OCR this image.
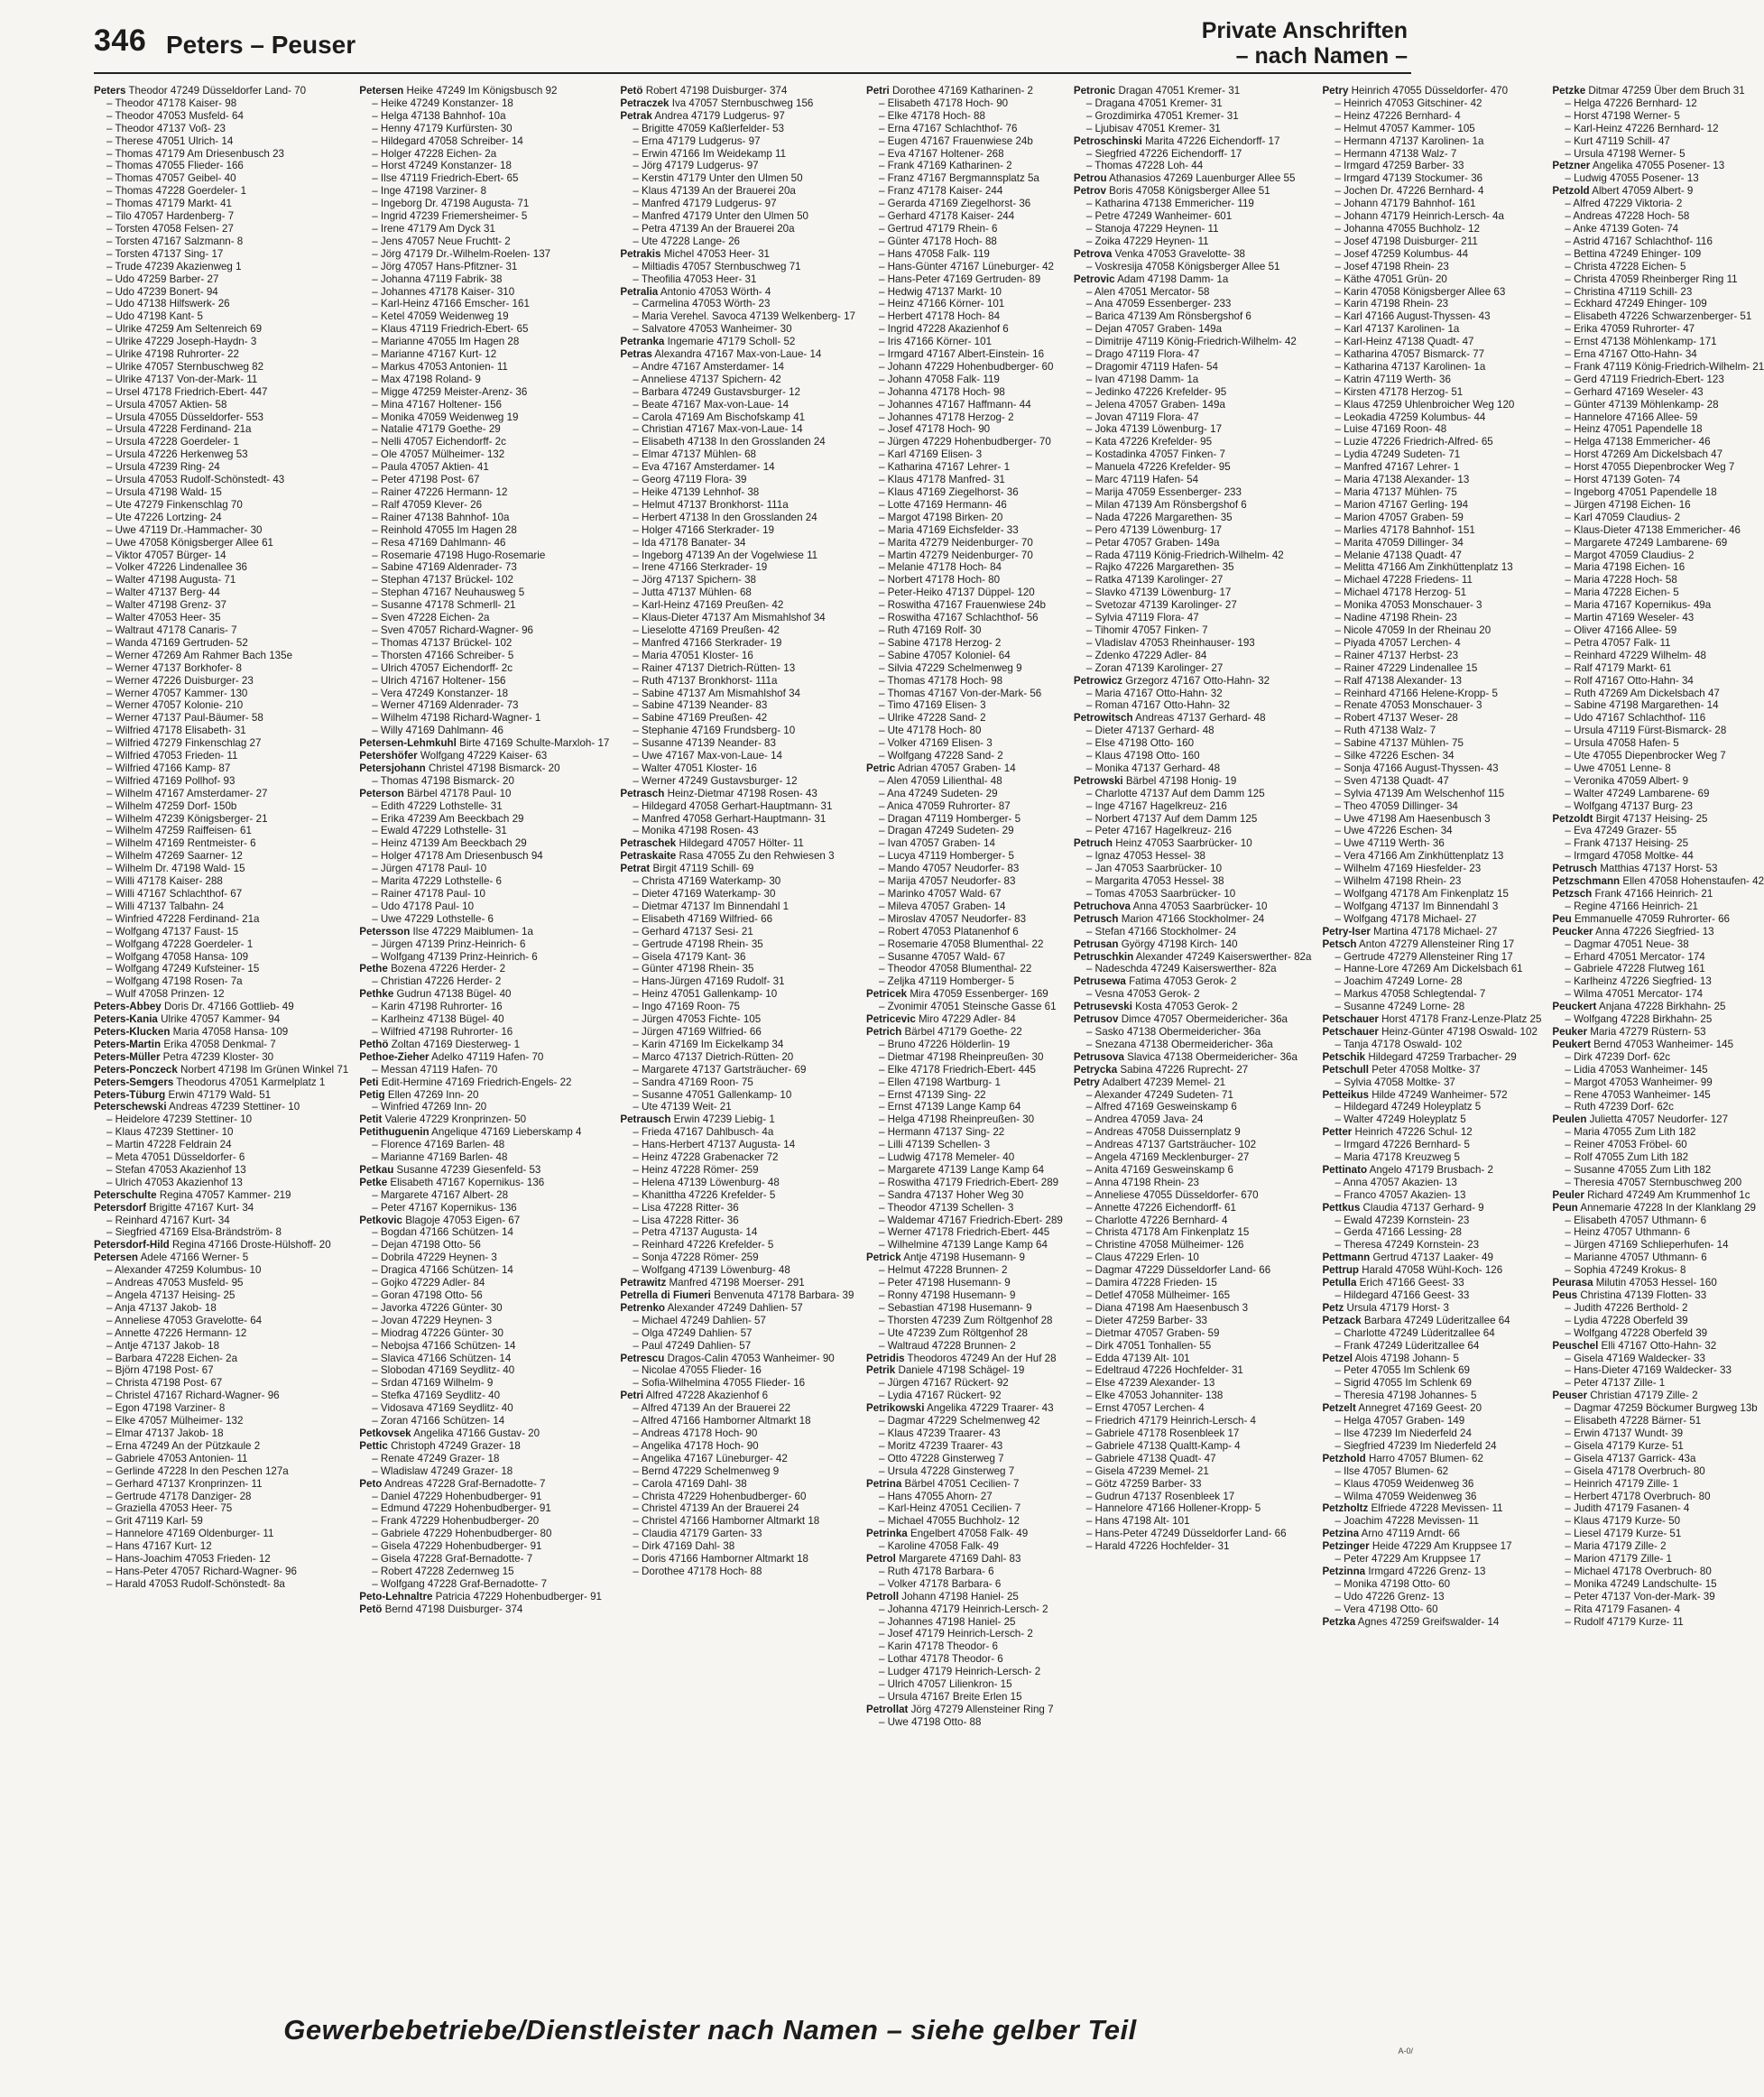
346 Peters – Peuser	Private Anschriften
– nach Namen –

Peters Theodor 47249 Düsseldorfer Land- 70

– Theodor 47178 Kaiser- 98

– Theodor 47053 Musfeld- 64

– Theodor 47137 Voß- 23

– Therese 47051 Ulrich- 14

– Thomas 47179 Am Driesenbusch 23

– Thomas 47055 Flieder- 166

– Thomas 47057 Geibel- 40

– Thomas 47228 Goerdeler- 1

– Thomas 47179 Markt- 41

– Tilo 47057 Hardenberg- 7

– Torsten 47058 Felsen- 27

– Torsten 47167 Salzmann- 8

– Torsten 47137 Sing- 17

– Trude 47239 Akazienweg 1

– Udo 47259 Barber- 27

– Udo 47239 Bonert- 94

– Udo 47138 Hilfswerk- 26

– Udo 47198 Kant- 5

– Ulrike 47259 Am Seltenreich 69

– Ulrike 47229 Joseph-Haydn- 3

– Ulrike 47198 Ruhrorter- 22

– Ulrike 47057 Sternbuschweg 82

– Ulrike 47137 Von-der-Mark- 11

– Ursel 47178 Friedrich-Ebert- 447

– Ursula 47057 Aktien- 58

– Ursula 47055 Düsseldorfer- 553

– Ursula 47228 Ferdinand- 21a

– Ursula 47228 Goerdeler- 1

– Ursula 47226 Herkenweg 53

– Ursula 47239 Ring- 24

– Ursula 47053 Rudolf-Schönstedt- 43

– Ursula 47198 Wald- 15

– Ute 47279 Finkenschlag 70

– Ute 47226 Lortzing- 24

– Uwe 47119 Dr.-Hammacher- 30

– Uwe 47058 Königsberger Allee 61

– Viktor 47057 Bürger- 14

– Volker 47226 Lindenallee 36

– Walter 47198 Augusta- 71

– Walter 47137 Berg- 44

– Walter 47198 Grenz- 37

– Walter 47053 Heer- 35

– Waltraut 47178 Canaris- 7

– Wanda 47169 Gertruden- 52

– Werner 47269 Am Rahmer Bach 135e

– Werner 47137 Borkhofer- 8

– Werner 47226 Duisburger- 23

– Werner 47057 Kammer- 130

– Werner 47057 Kolonie- 210

– Werner 47137 Paul-Bäumer- 58

– Wilfried 47178 Elisabeth- 31

– Wilfried 47279 Finkenschlag 27

– Wilfried 47053 Frieden- 11

– Wilfried 47166 Kamp- 87

– Wilfried 47169 Pollhof- 93

– Wilhelm 47167 Amsterdamer- 27

– Wilhelm 47259 Dorf- 150b

– Wilhelm 47239 Königsberger- 21

– Wilhelm 47259 Raiffeisen- 61

– Wilhelm 47169 Rentmeister- 6

– Wilhelm 47269 Saarner- 12

– Wilhelm Dr. 47198 Wald- 15

– Willi 47178 Kaiser- 288

– Willi 47167 Schlachthof- 67

– Willi 47137 Talbahn- 24

– Winfried 47228 Ferdinand- 21a

– Wolfgang 47137 Faust- 15

– Wolfgang 47228 Goerdeler- 1

– Wolfgang 47058 Hansa- 109

– Wolfgang 47249 Kufsteiner- 15

– Wolfgang 47198 Rosen- 7a

– Wulf 47058 Prinzen- 12

Peters-Abbey Doris Dr. 47166 Gottlieb- 49

Peters-Kania Ulrike 47057 Kammer- 94

Peters-Klucken Maria 47058 Hansa- 109

Peters-Martin Erika 47058 Denkmal- 7

Peters-Müller Petra 47239 Kloster- 30

Peters-Ponczeck Norbert 47198 Im Grünen Winkel 71

Peters-Semgers Theodorus 47051 Karmelplatz 1

Peters-Tüburg Erwin 47179 Wald- 51

Peterschewski Andreas 47239 Stettiner- 10

– Heidelore 47239 Stettiner- 10

– Klaus 47239 Stettiner- 10

– Martin 47228 Feldrain 24

– Meta 47051 Düsseldorfer- 6

– Stefan 47053 Akazienhof 13

– Ulrich 47053 Akazienhof 13

Peterschulte Regina 47057 Kammer- 219

Petersdorf Brigitte 47167 Kurt- 34

– Reinhard 47167 Kurt- 34

– Siegfried 47169 Elsa-Brändström- 8

Petersdorf-Hild Regina 47166 Droste-Hülshoff- 20

Petersen Adele 47166 Werner- 5

– Alexander 47259 Kolumbus- 10

– Andreas 47053 Musfeld- 95

– Angela 47137 Heising- 25

– Anja 47137 Jakob- 18

– Anneliese 47053 Gravelotte- 64

– Annette 47226 Hermann- 12

– Antje 47137 Jakob- 18

– Barbara 47228 Eichen- 2a

– Björn 47198 Post- 67

– Christa 47198 Post- 67

– Christel 47167 Richard-Wagner- 96

– Egon 47198 Varziner- 8

– Elke 47057 Mülheimer- 132

– Elmar 47137 Jakob- 18

– Erna 47249 An der Pützkaule 2

– Gabriele 47053 Antonien- 11

– Gerlinde 47228 In den Peschen 127a

– Gerhard 47137 Kronprinzen- 11

– Gertrude 47178 Danziger- 28

– Graziella 47053 Heer- 75

– Grit 47119 Karl- 59

– Hannelore 47169 Oldenburger- 11

– Hans 47167 Kurt- 12

– Hans-Joachim 47053 Frieden- 12

– Hans-Peter 47057 Richard-Wagner- 96

– Harald 47053 Rudolf-Schönstedt- 8a

Petersen Heike 47249 Im Königsbusch 92

– Heike 47249 Konstanzer- 18

– Helga 47138 Bahnhof- 10a

– Henny 47179 Kurfürsten- 30

– Hildegard 47058 Schreiber- 14

– Holger 47228 Eichen- 2a

– Horst 47249 Konstanzer- 18

– Ilse 47119 Friedrich-Ebert- 65

– Inge 47198 Varziner- 8

– Ingeborg Dr. 47198 Augusta- 71

– Ingrid 47239 Friemersheimer- 5

– Irene 47179 Am Dyck 31

– Jens 47057 Neue Fruchtt- 2

– Jörg 47179 Dr.-Wilhelm-Roelen- 137

– Jörg 47057 Hans-Pfitzner- 31

– Johanna 47119 Fabrik- 38

– Johannes 47178 Kaiser- 310

– Karl-Heinz 47166 Emscher- 161

– Ketel 47059 Weidenweg 19

– Klaus 47119 Friedrich-Ebert- 65

– Marianne 47055 Im Hagen 28

– Marianne 47167 Kurt- 12

– Markus 47053 Antonien- 11

– Max 47198 Roland- 9

– Migge 47259 Meister-Arenz- 36

– Mina 47167 Holtener- 156

– Monika 47059 Weidenweg 19

– Natalie 47179 Goethe- 29

– Nelli 47057 Eichendorff- 2c

– Ole 47057 Mülheimer- 132

– Paula 47057 Aktien- 41

– Peter 47198 Post- 67

– Rainer 47226 Hermann- 12

– Ralf 47059 Klever- 26

– Rainer 47138 Bahnhof- 10a

– Reinhold 47055 Im Hagen 28

– Resa 47169 Dahlmann- 46

– Rosemarie 47198 Hugo-Rosemarie

– Sabine 47169 Aldenrader- 73

– Stephan 47137 Brückel- 102

– Stephan 47167 Neuhausweg 5

– Susanne 47178 Schmerll- 21

– Sven 47228 Eichen- 2a

– Sven 47057 Richard-Wagner- 96

– Thomas 47137 Brückel- 102

– Thorsten 47166 Schreiber- 5

– Ulrich 47057 Eichendorff- 2c

– Ulrich 47167 Holtener- 156

– Vera 47249 Konstanzer- 18

– Werner 47169 Aldenrader- 73

– Wilhelm 47198 Richard-Wagner- 1

– Willy 47169 Dahlmann- 46

Petersen-Lehmkuhl Birte 47169 Schulte-Marxloh- 17

Petershöfer Wolfgang 47229 Kaiser- 63

Petersjohann Christel 47198 Bismarck- 20

– Thomas 47198 Bismarck- 20

Peterson Bärbel 47178 Paul- 10

– Edith 47229 Lothstelle- 31

– Erika 47239 Am Beeckbach 29

– Ewald 47229 Lothstelle- 31

– Heinz 47139 Am Beeckbach 29

– Holger 47178 Am Driesenbusch 94

– Jürgen 47178 Paul- 10

– Marita 47229 Lothstelle- 6

– Rainer 47178 Paul- 10

– Udo 47178 Paul- 10

– Uwe 47229 Lothstelle- 6

Petersson Ilse 47229 Maiblumen- 1a

– Jürgen 47139 Prinz-Heinrich- 6

– Wolfgang 47139 Prinz-Heinrich- 6

Pethe Bozena 47226 Herder- 2

– Christian 47226 Herder- 2

Pethke Gudrun 47138 Bügel- 40

– Karin 47198 Ruhrorter- 16

– Karlheinz 47138 Bügel- 40

– Wilfried 47198 Ruhrorter- 16

Pethö Zoltan 47169 Diesterweg- 1

Pethoe-Zieher Adelko 47119 Hafen- 70

– Messan 47119 Hafen- 70

Peti Edit-Hermine 47169 Friedrich-Engels- 22

Petig Ellen 47269 Inn- 20

– Winfried 47269 Inn- 20

Petit Valerie 47229 Kronprinzen- 50

Petithuguenin Angelique 47169 Lieberskamp 4

– Florence 47169 Barlen- 48

– Marianne 47169 Barlen- 48

Petkau Susanne 47239 Giesenfeld- 53

Petke Elisabeth 47167 Kopernikus- 136

– Margarete 47167 Albert- 28

– Peter 47167 Kopernikus- 136

Petkovic Blagoje 47053 Eigen- 67

– Bogdan 47166 Schützen- 14

– Dejan 47198 Otto- 56

– Dobrila 47229 Heynen- 3

– Dragica 47166 Schützen- 14

– Gojko 47229 Adler- 84

– Goran 47198 Otto- 56

– Javorka 47226 Günter- 30

– Jovan 47229 Heynen- 3

– Miodrag 47226 Günter- 30

– Nebojsa 47166 Schützen- 14

– Slavica 47166 Schützen- 14

– Slobodan 47169 Seydlitz- 40

– Srdan 47169 Wilhelm- 9

– Stefka 47169 Seydlitz- 40

– Vidosava 47169 Seydlitz- 40

– Zoran 47166 Schützen- 14

Petkovsek Angelika 47166 Gustav- 20

Pettic Christoph 47249 Grazer- 18

– Renate 47249 Grazer- 18

– Wladislaw 47249 Grazer- 18

Peto Andreas 47228 Graf-Bernadotte- 7

– Daniel 47229 Hohenbudberger- 91

– Edmund 47229 Hohenbudberger- 91

– Frank 47229 Hohenbudberger- 20

– Gabriele 47229 Hohenbudberger- 80

– Gisela 47229 Hohenbudberger- 91

– Gisela 47228 Graf-Bernadotte- 7

– Robert 47228 Zedernweg 15

– Wolfgang 47228 Graf-Bernadotte- 7

Peto-Lehnaltre Patricia 47229 Hohenbudberger- 91

Petö Bernd 47198 Duisburger- 374

Petö Robert 47198 Duisburger- 374

Petraczek Iva 47057 Sternbuschweg 156

Petrak Andrea 47179 Ludgerus- 97

– Brigitte 47059 Kaßlerfelder- 53

– Erna 47179 Ludgerus- 97

– Erwin 47166 Im Weidekamp 11

– Jörg 47179 Ludgerus- 97

– Kerstin 47179 Unter den Ulmen 50

– Klaus 47139 An der Brauerei 20a

– Manfred 47179 Ludgerus- 97

– Manfred 47179 Unter den Ulmen 50

– Petra 47139 An der Brauerei 20a

– Ute 47228 Lange- 26

Petrakis Michel 47053 Heer- 31

– Miltiadis 47057 Sternbuschweg 71

– Theofilia 47053 Heer- 31

Petralia Antonio 47053 Wörth- 4

– Carmelina 47053 Wörth- 23

– Maria Verehel. Savoca 47139 Welkenberg- 17

– Salvatore 47053 Wanheimer- 30

Petranka Ingemarie 47179 Scholl- 52

Petras Alexandra 47167 Max-von-Laue- 14

– Andre 47167 Amsterdamer- 14

– Anneliese 47137 Spichern- 42

– Barbara 47249 Gustavsburger- 12

– Beate 47167 Max-von-Laue- 14

– Carola 47169 Am Bischofskamp 41

– Christian 47167 Max-von-Laue- 14

– Elisabeth 47138 In den Grosslanden 24

– Elmar 47137 Mühlen- 68

– Eva 47167 Amsterdamer- 14

– Georg 47119 Flora- 39

– Heike 47139 Lehnhof- 38

– Helmut 47137 Bronkhorst- 111a

– Herbert 47138 In den Grosslanden 24

– Holger 47166 Sterkrader- 19

– Ida 47178 Banater- 34

– Ingeborg 47139 An der Vogelwiese 11

– Irene 47166 Sterkrader- 19

– Jörg 47137 Spichern- 38

– Jutta 47137 Mühlen- 68

– Karl-Heinz 47169 Preußen- 42

– Klaus-Dieter 47137 Am Mismahlshof 34

– Lieselotte 47169 Preußen- 42

– Manfred 47166 Sterkrader- 19

– Maria 47051 Kloster- 16

– Rainer 47137 Dietrich-Rütten- 13

– Ruth 47137 Bronkhorst- 111a

– Sabine 47137 Am Mismahlshof 34

– Sabine 47139 Neander- 83

– Sabine 47169 Preußen- 42

– Stephanie 47169 Frundsberg- 10

– Susanne 47139 Neander- 83

– Uwe 47167 Max-von-Laue- 14

– Walter 47051 Kloster- 16

– Werner 47249 Gustavsburger- 12

Petrasch Heinz-Dietmar 47198 Rosen- 43

– Hildegard 47058 Gerhart-Hauptmann- 31

– Manfred 47058 Gerhart-Hauptmann- 31

– Monika 47198 Rosen- 43

Petraschek Hildegard 47057 Hölter- 11

Petraskaite Rasa 47055 Zu den Rehwiesen 3

Petrat Birgit 47119 Schill- 69

– Christa 47169 Waterkamp- 30

– Dieter 47169 Waterkamp- 30

– Dietmar 47137 Im Binnendahl 1

– Elisabeth 47169 Wilfried- 66

– Gerhard 47137 Sesi- 21

– Gertrude 47198 Rhein- 35

– Gisela 47179 Kant- 36

– Günter 47198 Rhein- 35

– Hans-Jürgen 47169 Rudolf- 31

– Heinz 47051 Gallenkamp- 10

– Ingo 47169 Roon- 75

– Jürgen 47053 Fichte- 105

– Jürgen 47169 Wilfried- 66

– Karin 47169 Im Eickelkamp 34

– Marco 47137 Dietrich-Rütten- 20

– Margarete 47137 Gartsträucher- 69

– Sandra 47169 Roon- 75

– Susanne 47051 Gallenkamp- 10

– Ute 47139 Weit- 21

Petrausch Erwin 47239 Liebig- 1

– Frieda 47167 Dahlbusch- 4a

– Hans-Herbert 47137 Augusta- 14

– Heinz 47228 Grabenacker 72

– Heinz 47228 Römer- 259

– Helena 47139 Löwenburg- 48

– Khanittha 47226 Krefelder- 5

– Lisa 47228 Ritter- 36

– Lisa 47228 Ritter- 36

– Petra 47137 Augusta- 14

– Reinhard 47226 Krefelder- 5

– Sonja 47228 Römer- 259

– Wolfgang 47139 Löwenburg- 48

Petrawitz Manfred 47198 Moerser- 291

Petrella di Fiumeri Benvenuta 47178 Barbara- 39

Petrenko Alexander 47249 Dahlien- 57

– Michael 47249 Dahlien- 57

– Olga 47249 Dahlien- 57

– Paul 47249 Dahlien- 57

Petrescu Dragos-Calin 47053 Wanheimer- 90

– Nicolae 47055 Flieder- 16

– Sofia-Wilhelmina 47055 Flieder- 16

Petri Alfred 47228 Akazienhof 6

– Alfred 47139 An der Brauerei 22

– Alfred 47166 Hamborner Altmarkt 18

– Andreas 47178 Hoch- 90

– Angelika 47178 Hoch- 90

– Angelika 47167 Lüneburger- 42

– Bernd 47229 Schelmenweg 9

– Carola 47169 Dahl- 38

– Christa 47229 Hohenbudberger- 60

– Christel 47139 An der Brauerei 24

– Christel 47166 Hamborner Altmarkt 18

– Claudia 47179 Garten- 33

– Dirk 47169 Dahl- 38

– Doris 47166 Hamborner Altmarkt 18

– Dorothee 47178 Hoch- 88

Petri Dorothee 47169 Katharinen- 2

– Elisabeth 47178 Hoch- 90

– Elke 47178 Hoch- 88

– Erna 47167 Schlachthof- 76

– Eugen 47167 Frauenwiese 24b

– Eva 47167 Holtener- 268

– Frank 47169 Katharinen- 2

– Franz 47167 Bergmannsplatz 5a

– Franz 47178 Kaiser- 244

– Gerarda 47169 Ziegelhorst- 36

– Gerhard 47178 Kaiser- 244

– Gertrud 47179 Rhein- 6

– Günter 47178 Hoch- 88

– Hans 47058 Falk- 119

– Hans-Günter 47167 Lüneburger- 42

– Hans-Peter 47169 Gertruden- 89

– Hedwig 47137 Markt- 10

– Heinz 47166 Körner- 101

– Herbert 47178 Hoch- 84

– Ingrid 47228 Akazienhof 6

– Iris 47166 Körner- 101

– Irmgard 47167 Albert-Einstein- 16

– Johann 47229 Hohenbudberger- 60

– Johann 47058 Falk- 119

– Johanna 47178 Hoch- 98

– Johannes 47167 Haffmann- 44

– Johannes 47178 Herzog- 2

– Josef 47178 Hoch- 90

– Jürgen 47229 Hohenbudberger- 70

– Karl 47169 Elisen- 3

– Katharina 47167 Lehrer- 1

– Klaus 47178 Manfred- 31

– Klaus 47169 Ziegelhorst- 36

– Lotte 47169 Hermann- 46

– Margot 47198 Birken- 20

– Maria 47169 Eichsfelder- 33

– Marita 47279 Neidenburger- 70

– Martin 47279 Neidenburger- 70

– Melanie 47178 Hoch- 84

– Norbert 47178 Hoch- 80

– Peter-Heiko 47137 Düppel- 120

– Roswitha 47167 Frauenwiese 24b

– Roswitha 47167 Schlachthof- 56

– Ruth 47169 Rolf- 30

– Sabine 47178 Herzog- 2

– Sabine 47057 Koloniel- 64

– Silvia 47229 Schelmenweg 9

– Thomas 47178 Hoch- 98

– Thomas 47167 Von-der-Mark- 56

– Timo 47169 Elisen- 3

– Ulrike 47228 Sand- 2

– Ute 47178 Hoch- 80

– Volker 47169 Elisen- 3

– Wolfgang 47228 Sand- 2

Petric Adrian 47057 Graben- 14

– Alen 47059 Lilienthal- 48

– Ana 47249 Sudeten- 29

– Anica 47059 Ruhrorter- 87

– Dragan 47119 Homberger- 5

– Dragan 47249 Sudeten- 29

– Ivan 47057 Graben- 14

– Lucya 47119 Homberger- 5

– Mando 47057 Neudorfer- 83

– Marija 47057 Neudorfer- 83

– Marinko 47057 Wald- 67

– Mileva 47057 Graben- 14

– Miroslav 47057 Neudorfer- 83

– Robert 47053 Platanenhof 6

– Rosemarie 47058 Blumenthal- 22

– Susanne 47057 Wald- 67

– Theodor 47058 Blumenthal- 22

– Zeljka 47119 Homberger- 5

Petricek Mira 47059 Essenberger- 169

– Zvonimir 47051 Steinsche Gasse 61

Petricevic Miro 47229 Adler- 84

Petrich Bärbel 47179 Goethe- 22

– Bruno 47226 Hölderlin- 19

– Dietmar 47198 Rheinpreußen- 30

– Elke 47178 Friedrich-Ebert- 445

– Ellen 47198 Wartburg- 1

– Ernst 47139 Sing- 22

– Ernst 47139 Lange Kamp 64

– Helga 47198 Rheinpreußen- 30

– Hermann 47137 Sing- 22

– Lilli 47139 Schellen- 3

– Ludwig 47178 Memeler- 40

– Margarete 47139 Lange Kamp 64

– Roswitha 47179 Friedrich-Ebert- 289

– Sandra 47137 Hoher Weg 30

– Theodor 47139 Schellen- 3

– Waldemar 47167 Friedrich-Ebert- 289

– Werner 47178 Friedrich-Ebert- 445

– Wilhelmine 47139 Lange Kamp 64

Petrick Antje 47198 Husemann- 9

– Helmut 47228 Brunnen- 2

– Peter 47198 Husemann- 9

– Ronny 47198 Husemann- 9

– Sebastian 47198 Husemann- 9

– Thorsten 47239 Zum Röltgenhof 28

– Ute 47239 Zum Röltgenhof 28

– Waltraud 47228 Brunnen- 2

Petridis Theodoros 47249 An der Huf 28

Petrik Daniele 47198 Schägel- 19

– Jürgen 47167 Rückert- 92

– Lydia 47167 Rückert- 92

Petrikowski Angelika 47229 Traarer- 43

– Dagmar 47229 Schelmenweg 42

– Klaus 47239 Traarer- 43

– Moritz 47239 Traarer- 43

– Otto 47228 Ginsterweg 7

– Ursula 47228 Ginsterweg 7

Petrina Bärbel 47051 Cecilien- 7

– Hans 47055 Ahorn- 27

– Karl-Heinz 47051 Cecilien- 7

– Michael 47055 Buchholz- 12

Petrinka Engelbert 47058 Falk- 49

– Karoline 47058 Falk- 49

Petrol Margarete 47169 Dahl- 83

– Ruth 47178 Barbara- 6

– Volker 47178 Barbara- 6

Petroll Johann 47198 Haniel- 25

– Johanna 47179 Heinrich-Lersch- 2

– Johannes 47198 Haniel- 25

– Josef 47179 Heinrich-Lersch- 2

– Karin 47178 Theodor- 6

– Lothar 47178 Theodor- 6

– Ludger 47179 Heinrich-Lersch- 2

– Ulrich 47057 Lilienkron- 15

– Ursula 47167 Breite Erlen 15

Petrollat Jörg 47279 Allensteiner Ring 7

– Uwe 47198 Otto- 88

Petronic Dragan 47051 Kremer- 31

– Dragana 47051 Kremer- 31

– Grozdimirka 47051 Kremer- 31

– Ljubisav 47051 Kremer- 31

Petroschinski Marita 47226 Eichendorff- 17

– Siegfried 47226 Eichendorff- 17

– Thomas 47228 Loh- 44

Petrou Athanasios 47269 Lauenburger Allee 55

Petrov Boris 47058 Königsberger Allee 51

– Katharina 47138 Emmericher- 119

– Petre 47249 Wanheimer- 601

– Stanoja 47229 Heynen- 11

– Zoika 47229 Heynen- 11

Petrova Venka 47053 Gravelotte- 38

– Voskresija 47058 Königsberger Allee 51

Petrovic Adam 47198 Damm- 1a

– Alen 47051 Mercator- 58

– Ana 47059 Essenberger- 233

– Barica 47139 Am Rönsbergshof 6

– Dejan 47057 Graben- 149a

– Dimitrije 47119 König-Friedrich-Wilhelm- 42

– Drago 47119 Flora- 47

– Dragomir 47119 Hafen- 54

– Ivan 47198 Damm- 1a

– Jedinko 47226 Krefelder- 95

– Jelena 47057 Graben- 149a

– Jovan 47119 Flora- 47

– Joka 47139 Löwenburg- 17

– Kata 47226 Krefelder- 95

– Kostadinka 47057 Finken- 7

– Manuela 47226 Krefelder- 95

– Marc 47119 Hafen- 54

– Marija 47059 Essenberger- 233

– Milan 47139 Am Rönsbergshof 6

– Nada 47226 Margarethen- 35

– Pero 47139 Löwenburg- 17

– Petar 47057 Graben- 149a

– Rada 47119 König-Friedrich-Wilhelm- 42

– Rajko 47226 Margarethen- 35

– Ratka 47139 Karolinger- 27

– Slavko 47139 Löwenburg- 17

– Svetozar 47139 Karolinger- 27

– Sylvia 47119 Flora- 47

– Tihomir 47057 Finken- 7

– Vladislav 47053 Rheinhauser- 193

– Zdenko 47229 Adler- 84

– Zoran 47139 Karolinger- 27

Petrowicz Grzegorz 47167 Otto-Hahn- 32

– Maria 47167 Otto-Hahn- 32

– Roman 47167 Otto-Hahn- 32

Petrowitsch Andreas 47137 Gerhard- 48

– Dieter 47137 Gerhard- 48

– Else 47198 Otto- 160

– Klaus 47198 Otto- 160

– Monika 47137 Gerhard- 48

Petrowski Bärbel 47198 Honig- 19

– Charlotte 47137 Auf dem Damm 125

– Inge 47167 Hagelkreuz- 216

– Norbert 47137 Auf dem Damm 125

– Peter 47167 Hagelkreuz- 216

Petruch Heinz 47053 Saarbrücker- 10

– Ignaz 47053 Hessel- 38

– Jan 47053 Saarbrücker- 10

– Margarita 47053 Hessel- 38

– Tomas 47053 Saarbrücker- 10

Petruchova Anna 47053 Saarbrücker- 10

Petrusch Marion 47166 Stockholmer- 24

– Stefan 47166 Stockholmer- 24

Petrusan György 47198 Kirch- 140

Petruschkin Alexander 47249 Kaiserswerther- 82a

– Nadeschda 47249 Kaiserswerther- 82a

Petrusewa Fatima 47053 Gerok- 2

– Vesna 47053 Gerok- 2

Petrusevski Kosta 47053 Gerok- 2

Petrusov Dimce 47057 Obermeidericher- 36a

– Sasko 47138 Obermeidericher- 36a

– Snezana 47138 Obermeidericher- 36a

Petrusova Slavica 47138 Obermeidericher- 36a

Petrycka Sabina 47226 Ruprecht- 27

Petry Adalbert 47239 Memel- 21

– Alexander 47249 Sudeten- 71

– Alfred 47169 Gesweinskamp 6

– Andrea 47059 Java- 24

– Andreas 47058 Duissernplatz 9

– Andreas 47137 Gartsträucher- 102

– Angela 47169 Mecklenburger- 27

– Anita 47169 Gesweinskamp 6

– Anna 47198 Rhein- 23

– Anneliese 47055 Düsseldorfer- 670

– Annette 47226 Eichendorff- 61

– Charlotte 47226 Bernhard- 4

– Christa 47178 Am Finkenplatz 15

– Christine 47058 Mülheimer- 126

– Claus 47229 Erlen- 10

– Dagmar 47229 Düsseldorfer Land- 66

– Damira 47228 Frieden- 15

– Detlef 47058 Mülheimer- 165

– Diana 47198 Am Haesenbusch 3

– Dieter 47259 Barber- 33

– Dietmar 47057 Graben- 59

– Dirk 47051 Tonhallen- 55

– Edda 47139 Alt- 101

– Edeltraud 47226 Hochfelder- 31

– Else 47239 Alexander- 13

– Elke 47053 Johanniter- 138

– Ernst 47057 Lerchen- 4

– Friedrich 47179 Heinrich-Lersch- 4

– Gabriele 47178 Rosenbleek 17

– Gabriele 47138 Qualtt-Kamp- 4

– Gabriele 47138 Quadt- 47

– Gisela 47239 Memel- 21

– Götz 47259 Barber- 33

– Gudrun 47137 Rosenbleek 17

– Hannelore 47166 Hollener-Kropp- 5

– Hans 47198 Alt- 101

– Hans-Peter 47249 Düsseldorfer Land- 66

– Harald 47226 Hochfelder- 31

Petry Heinrich 47055 Düsseldorfer- 470

– Heinrich 47053 Gitschiner- 42

– Heinz 47226 Bernhard- 4

– Helmut 47057 Kammer- 105

– Hermann 47137 Karolinen- 1a

– Hermann 47138 Walz- 7

– Irmgard 47259 Barber- 33

– Irmgard 47139 Stockumer- 36

– Jochen Dr. 47226 Bernhard- 4

– Johann 47179 Bahnhof- 161

– Johann 47179 Heinrich-Lersch- 4a

– Johanna 47055 Buchholz- 12

– Josef 47198 Duisburger- 211

– Josef 47259 Kolumbus- 44

– Josef 47198 Rhein- 23

– Käthe 47051 Grün- 20

– Karin 47058 Königsberger Allee 63

– Karin 47198 Rhein- 23

– Karl 47166 August-Thyssen- 43

– Karl 47137 Karolinen- 1a

– Karl-Heinz 47138 Quadt- 47

– Katharina 47057 Bismarck- 77

– Katharina 47137 Karolinen- 1a

– Katrin 47119 Werth- 36

– Kirsten 47178 Herzog- 51

– Klaus 47259 Uhlenbroicher Weg 120

– Leokadia 47259 Kolumbus- 44

– Luise 47169 Roon- 48

– Luzie 47226 Friedrich-Alfred- 65

– Lydia 47249 Sudeten- 71

– Manfred 47167 Lehrer- 1

– Maria 47138 Alexander- 13

– Maria 47137 Mühlen- 75

– Marion 47167 Gerling- 194

– Marion 47057 Graben- 59

– Marlies 47178 Bahnhof- 151

– Marita 47059 Dillinger- 34

– Melanie 47138 Quadt- 47

– Melitta 47166 Am Zinkhüttenplatz 13

– Michael 47228 Friedens- 11

– Michael 47178 Herzog- 51

– Monika 47053 Monschauer- 3

– Nadine 47198 Rhein- 23

– Nicole 47059 In der Rheinau 20

– Piyada 47057 Lerchen- 4

– Rainer 47137 Herbst- 23

– Rainer 47229 Lindenallee 15

– Ralf 47138 Alexander- 13

– Reinhard 47166 Helene-Kropp- 5

– Renate 47053 Monschauer- 3

– Robert 47137 Weser- 28

– Ruth 47138 Walz- 7

– Sabine 47137 Mühlen- 75

– Silke 47226 Eschen- 34

– Sonja 47166 August-Thyssen- 43

– Sven 47138 Quadt- 47

– Sylvia 47139 Am Welschenhof 115

– Theo 47059 Dillinger- 34

– Uwe 47198 Am Haesenbusch 3

– Uwe 47226 Eschen- 34

– Uwe 47119 Werth- 36

– Vera 47166 Am Zinkhüttenplatz 13

– Wilhelm 47169 Hiesfelder- 23

– Wilhelm 47198 Rhein- 23

– Wolfgang 47178 Am Finkenplatz 15

– Wolfgang 47137 Im Binnendahl 3

– Wolfgang 47178 Michael- 27

Petry-Iser Martina 47178 Michael- 27

Petsch Anton 47279 Allensteiner Ring 17

– Gertrude 47279 Allensteiner Ring 17

– Hanne-Lore 47269 Am Dickelsbach 61

– Joachim 47249 Lorne- 28

– Markus 47058 Schlegtendal- 7

– Susanne 47249 Lorne- 28

Petschauer Horst 47178 Franz-Lenze-Platz 25

Petschauer Heinz-Günter 47198 Oswald- 102

– Tanja 47178 Oswald- 102

Petschik Hildegard 47259 Trarbacher- 29

Petschull Peter 47058 Moltke- 37

– Sylvia 47058 Moltke- 37

Petteikus Hilde 47249 Wanheimer- 572

– Hildegard 47249 Holeyplatz 5

– Walter 47249 Holeyplatz 5

Petter Heinrich 47226 Schul- 12

– Irmgard 47226 Bernhard- 5

– Maria 47178 Kreuzweg 5

Pettinato Angelo 47179 Brusbach- 2

– Anna 47057 Akazien- 13

– Franco 47057 Akazien- 13

Pettkus Claudia 47137 Gerhard- 9

– Ewald 47239 Kornstein- 23

– Gerda 47166 Lessing- 28

– Theresa 47249 Kornstein- 23

Pettmann Gertrud 47137 Laaker- 49

Pettrup Harald 47058 Wühl-Koch- 126

Petulla Erich 47166 Geest- 33

– Hildegard 47166 Geest- 33

Petz Ursula 47179 Horst- 3

Petzack Barbara 47249 Lüderitzallee 64

– Charlotte 47249 Lüderitzallee 64

– Frank 47249 Lüderitzallee 64

Petzel Alois 47198 Johann- 5

– Peter 47055 Im Schlenk 69

– Sigrid 47055 Im Schlenk 69

– Theresia 47198 Johannes- 5

Petzelt Annegret 47169 Geest- 20

– Helga 47057 Graben- 149

– Ilse 47239 Im Niederfeld 24

– Siegfried 47239 Im Niederfeld 24

Petzhold Harro 47057 Blumen- 62

– Ilse 47057 Blumen- 62

– Klaus 47059 Weidenweg 36

– Wilma 47059 Weidenweg 36

Petzholtz Elfriede 47228 Mevissen- 11

– Joachim 47228 Mevissen- 11

Petzina Arno 47119 Arndt- 66

Petzinger Heide 47229 Am Kruppsee 17

– Peter 47229 Am Kruppsee 17

Petzinna Irmgard 47226 Grenz- 13

– Monika 47198 Otto- 60

– Udo 47226 Grenz- 13

– Vera 47198 Otto- 60

Petzka Agnes 47259 Greifswalder- 14

Petzke Ditmar 47259 Über dem Bruch 31

– Helga 47226 Bernhard- 12

– Horst 47198 Werner- 5

– Karl-Heinz 47226 Bernhard- 12

– Kurt 47119 Schill- 47

– Ursula 47198 Werner- 5

Petzner Angelika 47055 Posener- 13

– Ludwig 47055 Posener- 13

Petzold Albert 47059 Albert- 9

– Alfred 47229 Viktoria- 2

– Andreas 47228 Hoch- 58

– Anke 47139 Goten- 74

– Astrid 47167 Schlachthof- 116

– Bettina 47249 Ehinger- 109

– Christa 47228 Eichen- 5

– Christa 47059 Rheinberger Ring 11

– Christina 47119 Schill- 23

– Eckhard 47249 Ehinger- 109

– Elisabeth 47226 Schwarzenberger- 51

– Erika 47059 Ruhrorter- 47

– Ernst 47138 Möhlenkamp- 171

– Erna 47167 Otto-Hahn- 34

– Frank 47119 König-Friedrich-Wilhelm- 21

– Gerd 47119 Friedrich-Ebert- 123

– Gerhard 47169 Weseler- 43

– Günter 47139 Möhlenkamp- 28

– Hannelore 47166 Allee- 59

– Heinz 47051 Papendelle 18

– Helga 47138 Emmericher- 46

– Horst 47269 Am Dickelsbach 47

– Horst 47055 Diepenbrocker Weg 7

– Horst 47139 Goten- 74

– Ingeborg 47051 Papendelle 18

– Jürgen 47198 Eichen- 16

– Karl 47059 Claudius- 2

– Klaus-Dieter 47138 Emmericher- 46

– Margarete 47249 Lambarene- 69

– Margot 47059 Claudius- 2

– Maria 47198 Eichen- 16

– Maria 47228 Hoch- 58

– Maria 47228 Eichen- 5

– Maria 47167 Kopernikus- 49a

– Martin 47169 Weseler- 43

– Oliver 47166 Allee- 59

– Petra 47057 Falk- 11

– Reinhard 47229 Wilhelm- 48

– Ralf 47179 Markt- 61

– Rolf 47167 Otto-Hahn- 34

– Ruth 47269 Am Dickelsbach 47

– Sabine 47198 Margarethen- 14

– Udo 47167 Schlachthof- 116

– Ursula 47119 Fürst-Bismarck- 28

– Ursula 47058 Hafen- 5

– Ute 47055 Diepenbrocker Weg 7

– Uwe 47051 Lenne- 8

– Veronika 47059 Albert- 9

– Walter 47249 Lambarene- 69

– Wolfgang 47137 Burg- 23

Petzoldt Birgit 47137 Heising- 25

– Eva 47249 Grazer- 55

– Frank 47137 Heising- 25

– Irmgard 47058 Moltke- 44

Petrusch Matthias 47137 Horst- 53

Petzschmann Ellen 47058 Hohenstaufen- 42

Petzsch Frank 47166 Heinrich- 21

– Regine 47166 Heinrich- 21

Peu Emmanuelle 47059 Ruhrorter- 66

Peucker Anna 47226 Siegfried- 13

– Dagmar 47051 Neue- 38

– Erhard 47051 Mercator- 174

– Gabriele 47228 Flutweg 161

– Karlheinz 47226 Siegfried- 13

– Wilma 47051 Mercator- 174

Peuckert Anjana 47228 Birkhahn- 25

– Wolfgang 47228 Birkhahn- 25

Peuker Maria 47279 Rüstern- 53

Peukert Bernd 47053 Wanheimer- 145

– Dirk 47239 Dorf- 62c

– Lidia 47053 Wanheimer- 145

– Margot 47053 Wanheimer- 99

– Rene 47053 Wanheimer- 145

– Ruth 47239 Dorf- 62c

Peulen Julietta 47057 Neudorfer- 127

– Maria 47055 Zum Lith 182

– Reiner 47053 Fröbel- 60

– Rolf 47055 Zum Lith 182

– Susanne 47055 Zum Lith 182

– Theresia 47057 Sternbuschweg 200

Peuler Richard 47249 Am Krummenhof 1c

Peun Annemarie 47228 In der Klanklang 29

– Elisabeth 47057 Uthmann- 6

– Heinz 47057 Uthmann- 6

– Jürgen 47169 Schlieperhufen- 14

– Marianne 47057 Uthmann- 6

– Sophia 47249 Krokus- 8

Peurasa Milutin 47053 Hessel- 160

Peus Christina 47139 Flotten- 33

– Judith 47226 Berthold- 2

– Lydia 47228 Oberfeld 39

– Wolfgang 47228 Oberfeld 39

Peuschel Elli 47167 Otto-Hahn- 32

– Gisela 47169 Waldecker- 33

– Hans-Dieter 47169 Waldecker- 33

– Peter 47137 Zille- 1

Peuser Christian 47179 Zille- 2

– Dagmar 47259 Böckumer Burgweg 13b

– Elisabeth 47228 Bärner- 51

– Erwin 47137 Wundt- 39

– Gisela 47179 Kurze- 51

– Gisela 47137 Garrick- 43a

– Gisela 47178 Overbruch- 80

– Heinrich 47179 Zille- 1

– Herbert 47178 Overbruch- 80

– Judith 47179 Fasanen- 4

– Klaus 47179 Kurze- 50

– Liesel 47179 Kurze- 51

– Maria 47179 Zille- 2

– Marion 47179 Zille- 1

– Michael 47178 Overbruch- 80

– Monika 47249 Landschulte- 15

– Peter 47137 Von-der-Mark- 39

– Rita 47179 Fasanen- 4

– Rudolf 47179 Kurze- 11

Gewerbebetriebe/Dienstleister nach Namen – siehe gelber Teil
A-0/
